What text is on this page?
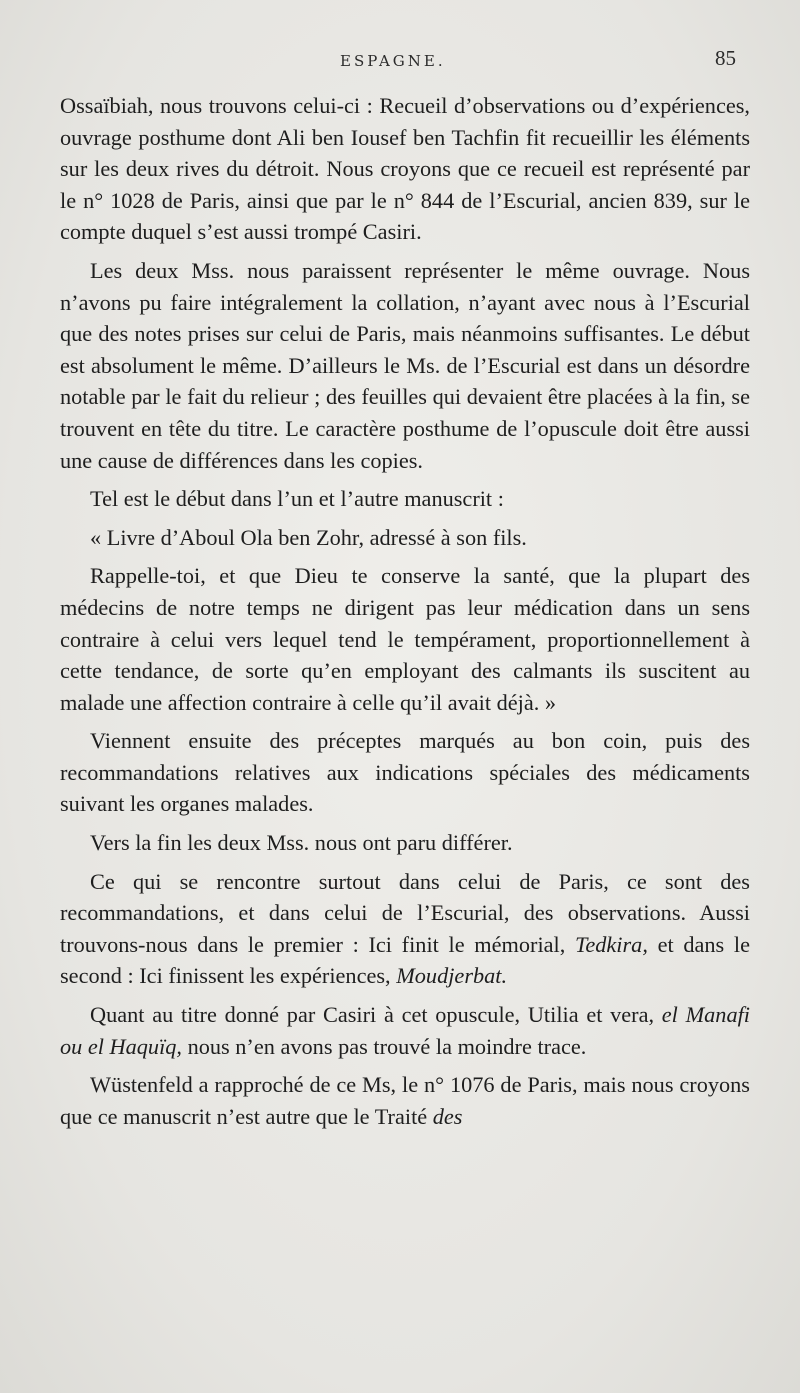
ESPAGNE.	85

Ossaïbiah, nous trouvons celui-ci : Recueil d’observations ou d’expériences, ouvrage posthume dont Ali ben Iousef ben Tachfin fit recueillir les éléments sur les deux rives du détroit. Nous croyons que ce recueil est représenté par le n° 1028 de Paris, ainsi que par le n° 844 de l’Escurial, ancien 839, sur le compte duquel s’est aussi trompé Casiri.

Les deux Mss. nous paraissent représenter le même ouvrage. Nous n’avons pu faire intégralement la collation, n’ayant avec nous à l’Escurial que des notes prises sur celui de Paris, mais néanmoins suffisantes. Le début est absolument le même. D’ailleurs le Ms. de l’Escurial est dans un désordre notable par le fait du relieur ; des feuilles qui devaient être placées à la fin, se trouvent en tête du titre. Le caractère posthume de l’opuscule doit être aussi une cause de différences dans les copies.

Tel est le début dans l’un et l’autre manuscrit :

« Livre d’Aboul Ola ben Zohr, adressé à son fils.

Rappelle-toi, et que Dieu te conserve la santé, que la plupart des médecins de notre temps ne dirigent pas leur médication dans un sens contraire à celui vers lequel tend le tempérament, proportionnellement à cette tendance, de sorte qu’en employant des calmants ils suscitent au malade une affection contraire à celle qu’il avait déjà. »

Viennent ensuite des préceptes marqués au bon coin, puis des recommandations relatives aux indications spéciales des médicaments suivant les organes malades.

Vers la fin les deux Mss. nous ont paru différer.

Ce qui se rencontre surtout dans celui de Paris, ce sont des recommandations, et dans celui de l’Escurial, des observations. Aussi trouvons-nous dans le premier : Ici finit le mémorial, Tedkira, et dans le second : Ici finissent les expériences, Moudjerbat.

Quant au titre donné par Casiri à cet opuscule, Utilia et vera, el Manafi ou el Haquïq, nous n’en avons pas trouvé la moindre trace.

Wüstenfeld a rapproché de ce Ms, le n° 1076 de Paris, mais nous croyons que ce manuscrit n’est autre que le Traité des
